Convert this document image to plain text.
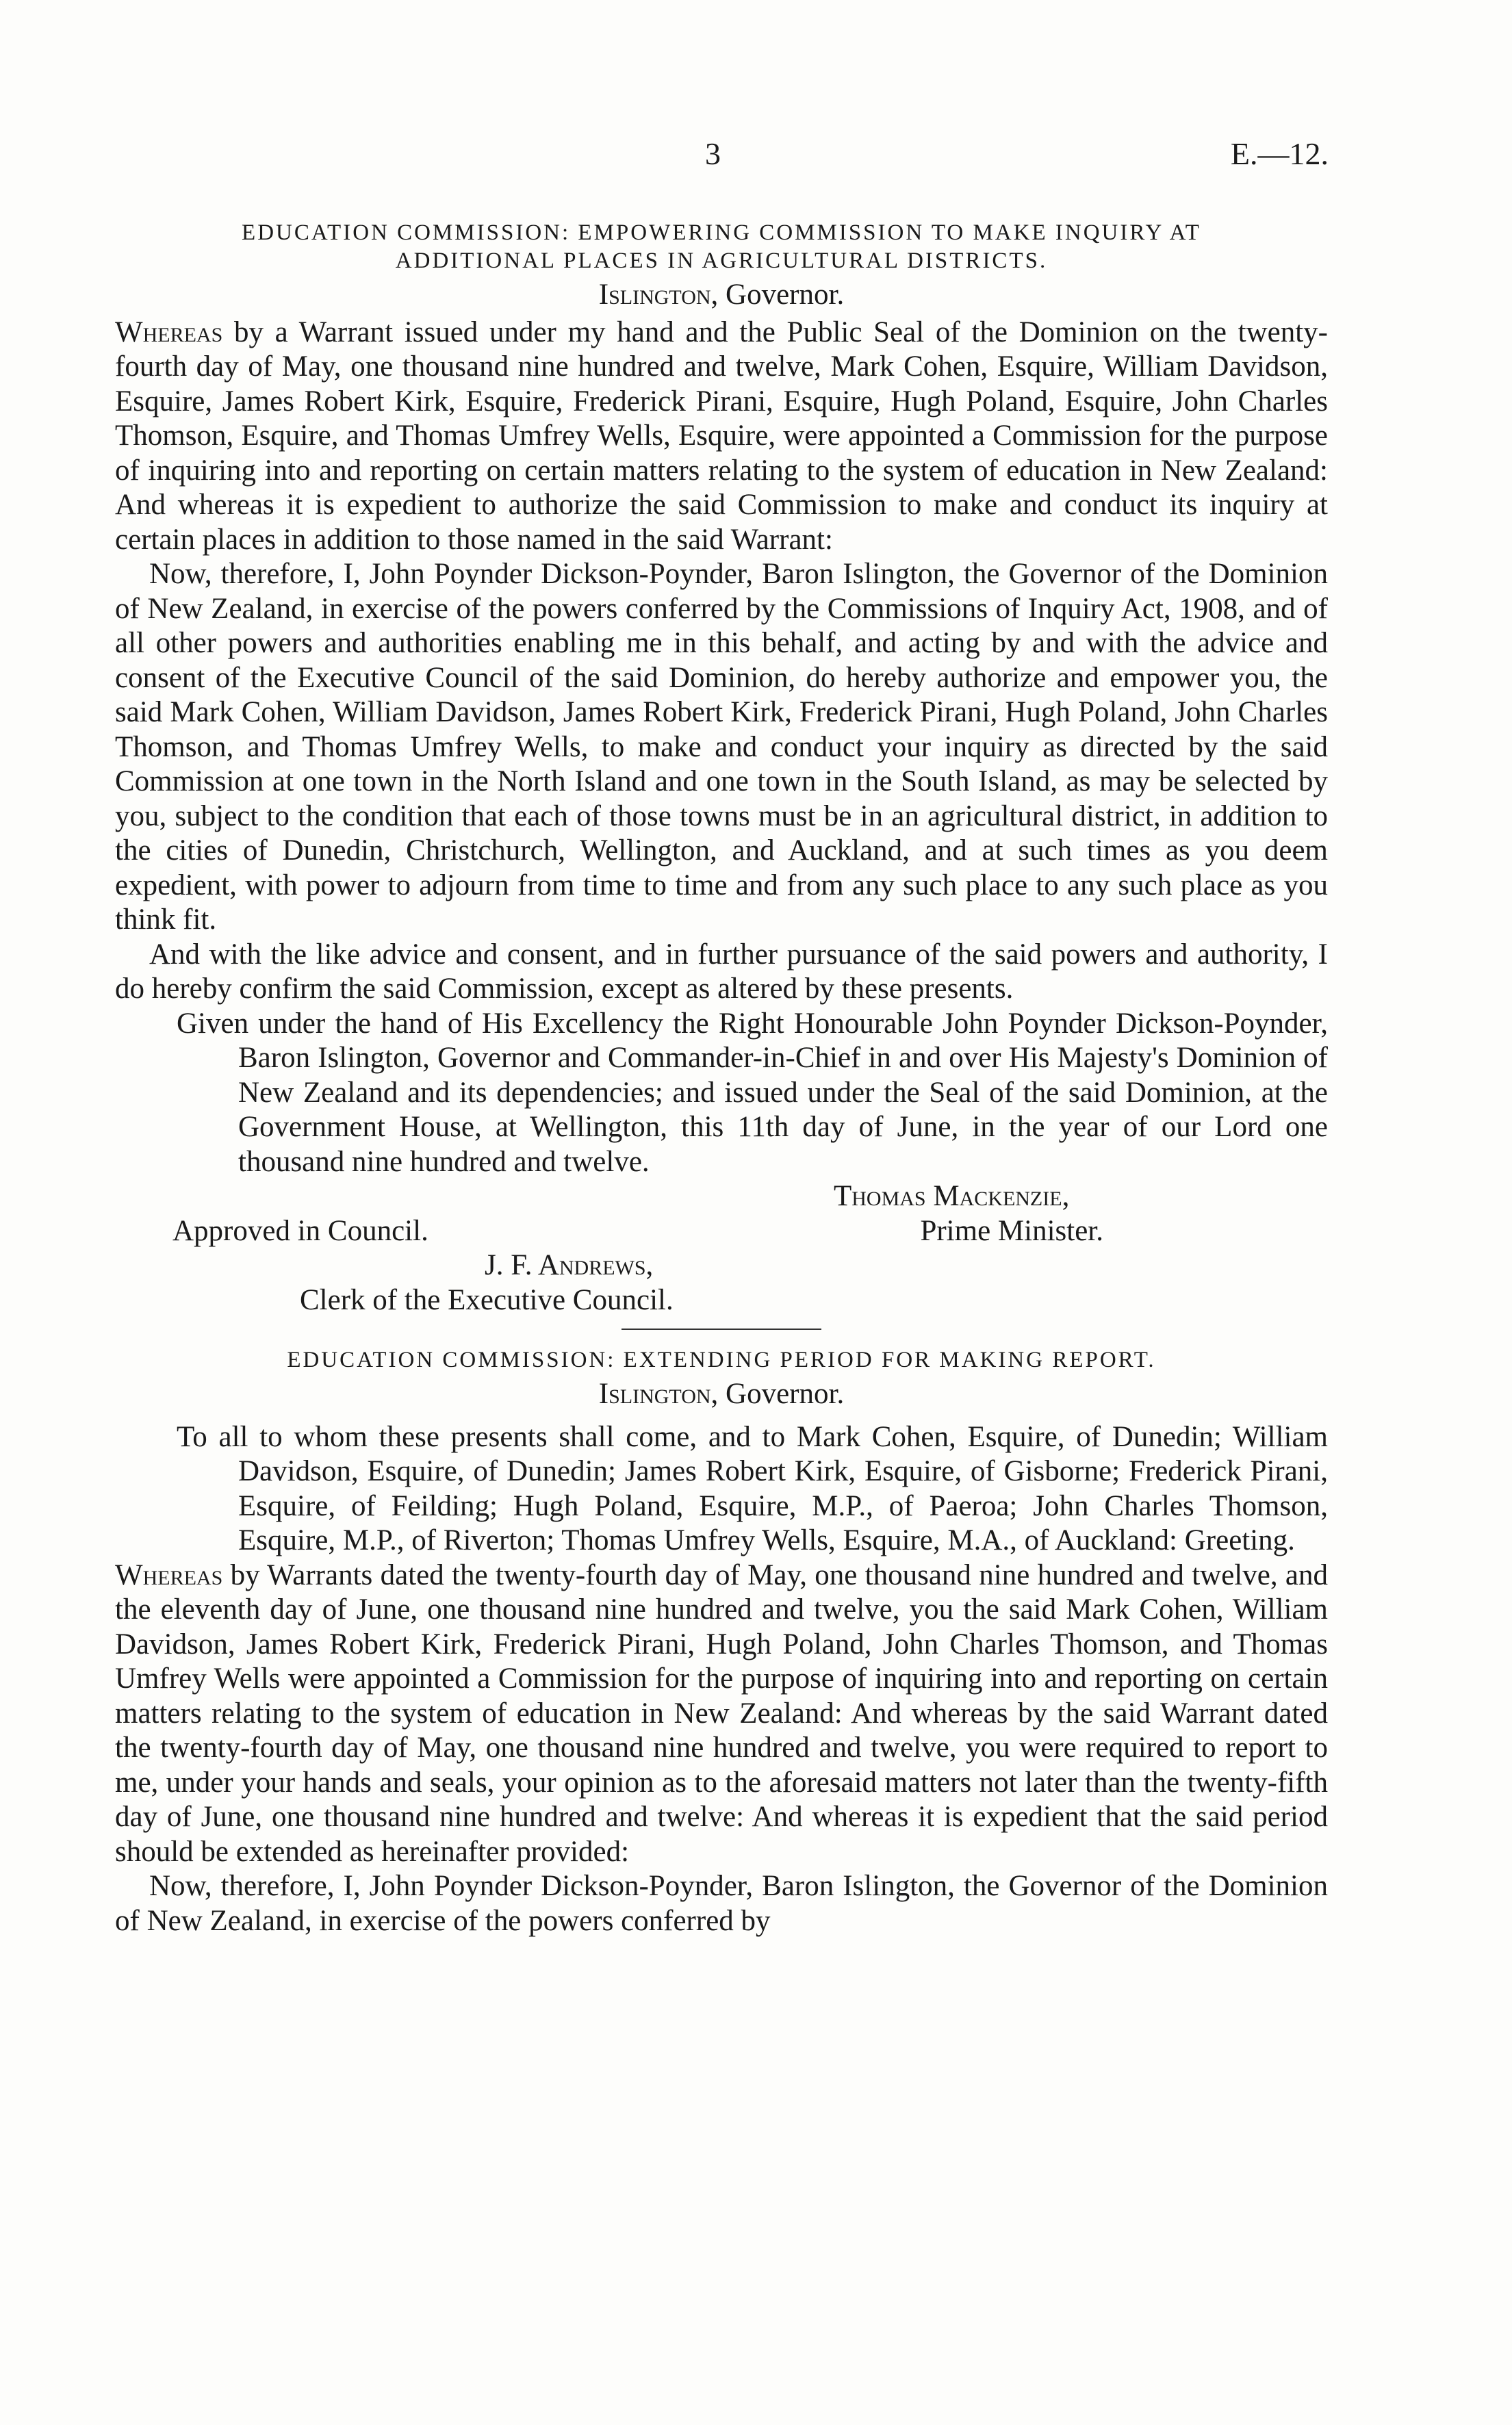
3	E.—12.

EDUCATION COMMISSION: EMPOWERING COMMISSION TO MAKE INQUIRY AT

ADDITIONAL PLACES IN AGRICULTURAL DISTRICTS.

Islington, Governor.

Whereas by a Warrant issued under my hand and the Public Seal of the Dominion on the twenty-fourth day of May, one thousand nine hundred and twelve, Mark Cohen, Esquire, William Davidson, Esquire, James Robert Kirk, Esquire, Frederick Pirani, Esquire, Hugh Poland, Esquire, John Charles Thomson, Esquire, and Thomas Umfrey Wells, Esquire, were appointed a Commission for the purpose of inquiring into and reporting on certain matters relating to the system of education in New Zealand: And whereas it is expedient to authorize the said Commission to make and conduct its inquiry at certain places in addition to those named in the said Warrant:

Now, therefore, I, John Poynder Dickson-Poynder, Baron Islington, the Governor of the Dominion of New Zealand, in exercise of the powers conferred by the Commissions of Inquiry Act, 1908, and of all other powers and authorities enabling me in this behalf, and acting by and with the advice and consent of the Executive Council of the said Dominion, do hereby authorize and empower you, the said Mark Cohen, William Davidson, James Robert Kirk, Frederick Pirani, Hugh Poland, John Charles Thomson, and Thomas Umfrey Wells, to make and conduct your inquiry as directed by the said Commission at one town in the North Island and one town in the South Island, as may be selected by you, subject to the condition that each of those towns must be in an agricultural district, in addition to the cities of Dunedin, Christchurch, Wellington, and Auckland, and at such times as you deem expedient, with power to adjourn from time to time and from any such place to any such place as you think fit.

And with the like advice and consent, and in further pursuance of the said powers and authority, I do hereby confirm the said Commission, except as altered by these presents.

Given under the hand of His Excellency the Right Honourable John Poynder Dickson-Poynder, Baron Islington, Governor and Commander-in-Chief in and over His Majesty's Dominion of New Zealand and its dependencies; and issued under the Seal of the said Dominion, at the Government House, at Wellington, this 11th day of June, in the year of our Lord one thousand nine hundred and twelve.

Thomas Mackenzie,

Approved in Council.	Prime Minister.

J. F. Andrews,

Clerk of the Executive Council.

EDUCATION COMMISSION: EXTENDING PERIOD FOR MAKING REPORT.

Islington, Governor.

To all to whom these presents shall come, and to Mark Cohen, Esquire, of Dunedin; William Davidson, Esquire, of Dunedin; James Robert Kirk, Esquire, of Gisborne; Frederick Pirani, Esquire, of Feilding; Hugh Poland, Esquire, M.P., of Paeroa; John Charles Thomson, Esquire, M.P., of Riverton; Thomas Umfrey Wells, Esquire, M.A., of Auckland: Greeting.

Whereas by Warrants dated the twenty-fourth day of May, one thousand nine hundred and twelve, and the eleventh day of June, one thousand nine hundred and twelve, you the said Mark Cohen, William Davidson, James Robert Kirk, Frederick Pirani, Hugh Poland, John Charles Thomson, and Thomas Umfrey Wells were appointed a Commission for the purpose of inquiring into and reporting on certain matters relating to the system of education in New Zealand: And whereas by the said Warrant dated the twenty-fourth day of May, one thousand nine hundred and twelve, you were required to report to me, under your hands and seals, your opinion as to the aforesaid matters not later than the twenty-fifth day of June, one thousand nine hundred and twelve: And whereas it is expedient that the said period should be extended as hereinafter provided:

Now, therefore, I, John Poynder Dickson-Poynder, Baron Islington, the Governor of the Dominion of New Zealand, in exercise of the powers conferred by
